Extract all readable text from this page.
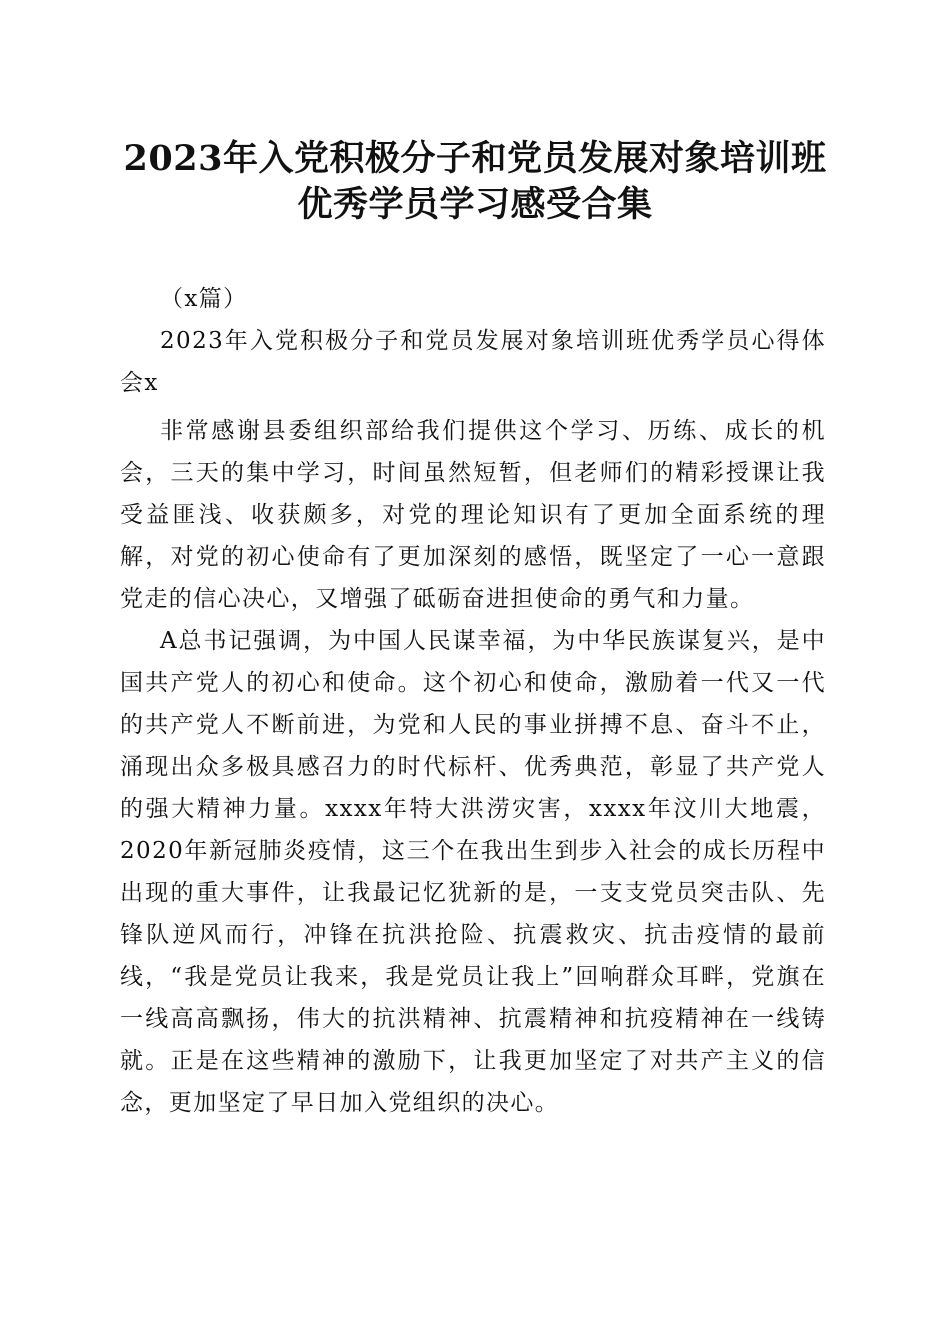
2023年入党积极分子和党员发展对象培训班
优秀学员学习感受合集

（x篇）

2023年入党积极分子和党员发展对象培训班优秀学员心得体会x

非常感谢县委组织部给我们提供这个学习、历练、成长的机会，三天的集中学习，时间虽然短暂，但老师们的精彩授课让我受益匪浅、收获颇多，对党的理论知识有了更加全面系统的理解，对党的初心使命有了更加深刻的感悟，既坚定了一心一意跟党走的信心决心，又增强了砥砺奋进担使命的勇气和力量。

A总书记强调，为中国人民谋幸福，为中华民族谋复兴，是中国共产党人的初心和使命。这个初心和使命，激励着一代又一代的共产党人不断前进，为党和人民的事业拼搏不息、奋斗不止，涌现出众多极具感召力的时代标杆、优秀典范，彰显了共产党人的强大精神力量。xxxx年特大洪涝灾害，xxxx年汶川大地震，2020年新冠肺炎疫情，这三个在我出生到步入社会的成长历程中出现的重大事件，让我最记忆犹新的是，一支支党员突击队、先锋队逆风而行，冲锋在抗洪抢险、抗震救灾、抗击疫情的最前线，“我是党员让我来，我是党员让我上”回响群众耳畔，党旗在一线高高飘扬，伟大的抗洪精神、抗震精神和抗疫精神在一线铸就。正是在这些精神的激励下，让我更加坚定了对共产主义的信念，更加坚定了早日加入党组织的决心。
